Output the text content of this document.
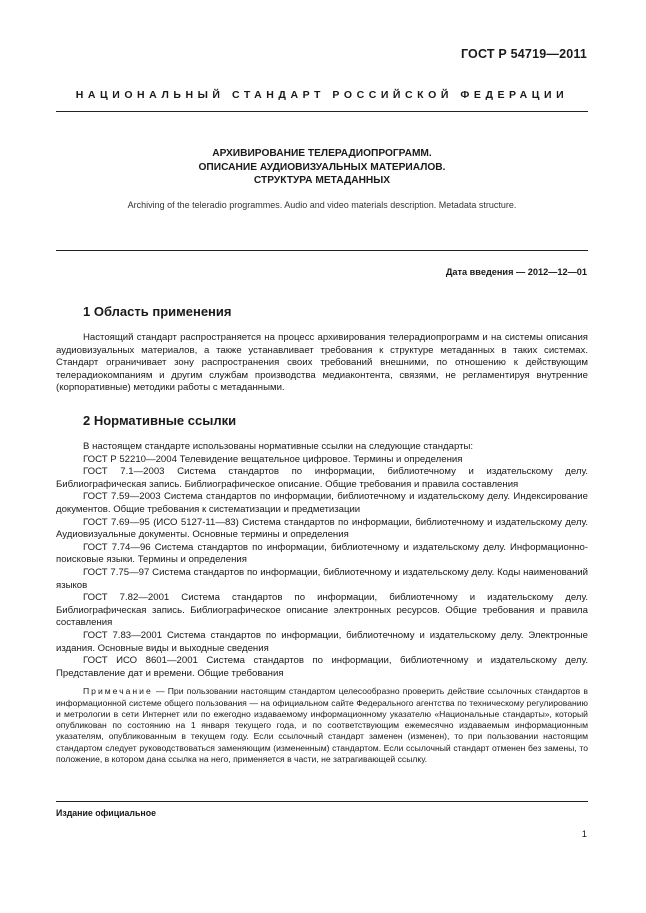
ГОСТ Р 54719—2011
НАЦИОНАЛЬНЫЙ СТАНДАРТ РОССИЙСКОЙ ФЕДЕРАЦИИ
АРХИВИРОВАНИЕ ТЕЛЕРАДИОПРОГРАММ.
ОПИСАНИЕ АУДИОВИЗУАЛЬНЫХ МАТЕРИАЛОВ.
СТРУКТУРА МЕТАДАННЫХ
Archiving of the teleradio programmes. Audio and video materials description. Metadata structure.
Дата введения — 2012—12—01
1 Область применения

Настоящий стандарт распространяется на процесс архивирования телерадиопрограмм и на системы описания аудиовизуальных материалов, а также устанавливает требования к структуре метаданных в таких системах. Стандарт ограничивает зону распространения своих требований внешними, по отношению к действующим телерадиокомпаниям и другим службам производства медиаконтента, связями, не регламентируя внутренние (корпоративные) методики работы с метаданными.

2 Нормативные ссылки

В настоящем стандарте использованы нормативные ссылки на следующие стандарты:

ГОСТ Р 52210—2004 Телевидение вещательное цифровое. Термины и определения

ГОСТ 7.1—2003 Система стандартов по информации, библиотечному и издательскому делу. Библиографическая запись. Библиографическое описание. Общие требования и правила составления

ГОСТ 7.59—2003 Система стандартов по информации, библиотечному и издательскому делу. Индексирование документов. Общие требования к систематизации и предметизации

ГОСТ 7.69—95 (ИСО 5127-11—83) Система стандартов по информации, библиотечному и издательскому делу. Аудиовизуальные документы. Основные термины и определения

ГОСТ 7.74—96 Система стандартов по информации, библиотечному и издательскому делу. Информационно-поисковые языки. Термины и определения

ГОСТ 7.75—97 Система стандартов по информации, библиотечному и издательскому делу. Коды наименований языков

ГОСТ 7.82—2001 Система стандартов по информации, библиотечному и издательскому делу. Библиографическая запись. Библиографическое описание электронных ресурсов. Общие требования и правила составления

ГОСТ 7.83—2001 Система стандартов по информации, библиотечному и издательскому делу. Электронные издания. Основные виды и выходные сведения

ГОСТ ИСО 8601—2001 Система стандартов по информации, библиотечному и издательскому делу. Представление дат и времени. Общие требования

Примечание — При пользовании настоящим стандартом целесообразно проверить действие ссылочных стандартов в информационной системе общего пользования — на официальном сайте Федерального агентства по техническому регулированию и метрологии в сети Интернет или по ежегодно издаваемому информационному указателю «Национальные стандарты», который опубликован по состоянию на 1 января текущего года, и по соответствующим ежемесячно издаваемым информационным указателям, опубликованным в текущем году. Если ссылочный стандарт заменен (изменен), то при пользовании настоящим стандартом следует руководствоваться заменяющим (измененным) стандартом. Если ссылочный стандарт отменен без замены, то положение, в котором дана ссылка на него, применяется в части, не затрагивающей ссылку.

Издание официальное
1
